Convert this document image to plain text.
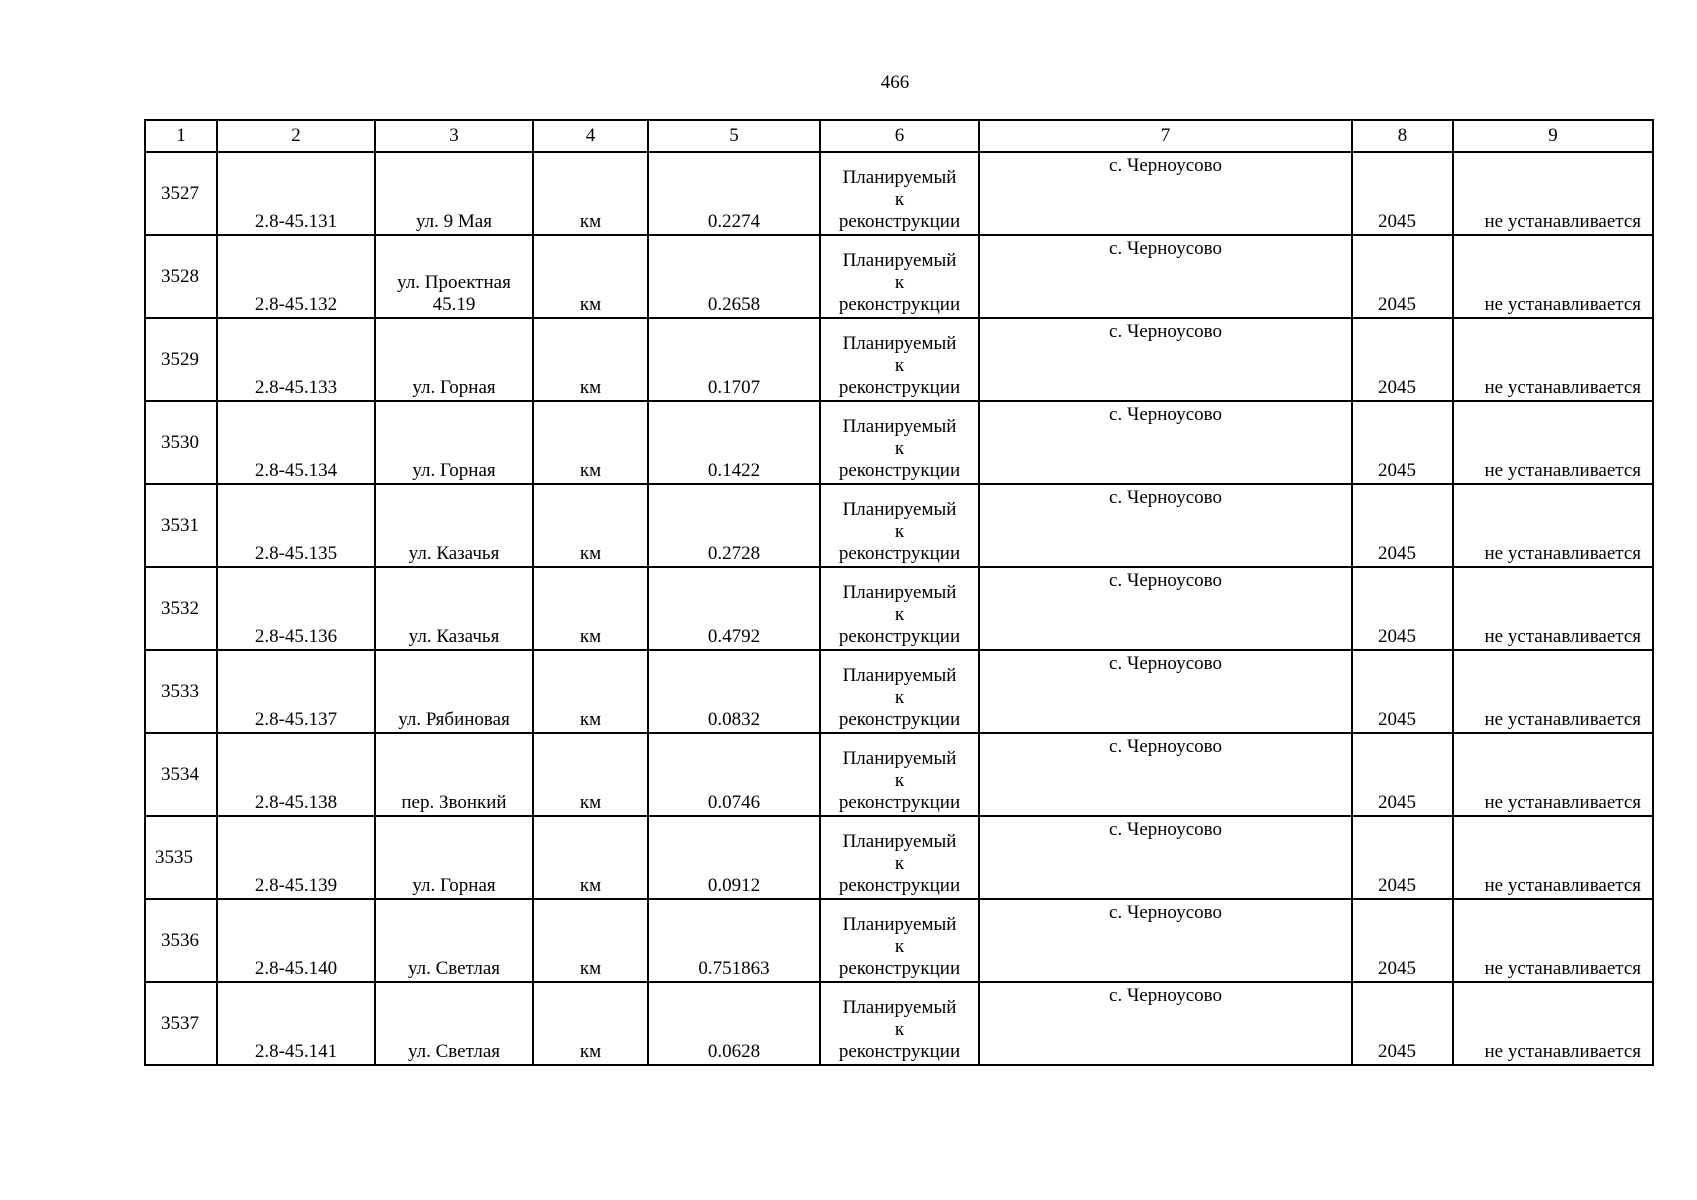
466
1	2	3	4	5	6	7	8	9
3527	2.8-45.131	ул. 9 Мая	км	0.2274	Планируемый
к
реконструкции	с. Черноусово	2045	не устанавливается
3528	2.8-45.132	ул. Проектная
45.19	км	0.2658	Планируемый
к
реконструкции	с. Черноусово	2045	не устанавливается
3529	2.8-45.133	ул. Горная	км	0.1707	Планируемый
к
реконструкции	с. Черноусово	2045	не устанавливается
3530	2.8-45.134	ул. Горная	км	0.1422	Планируемый
к
реконструкции	с. Черноусово	2045	не устанавливается
3531	2.8-45.135	ул. Казачья	км	0.2728	Планируемый
к
реконструкции	с. Черноусово	2045	не устанавливается
3532	2.8-45.136	ул. Казачья	км	0.4792	Планируемый
к
реконструкции	с. Черноусово	2045	не устанавливается
3533	2.8-45.137	ул. Рябиновая	км	0.0832	Планируемый
к
реконструкции	с. Черноусово	2045	не устанавливается
3534	2.8-45.138	пер. Звонкий	км	0.0746	Планируемый
к
реконструкции	с. Черноусово	2045	не устанавливается
3535	2.8-45.139	ул. Горная	км	0.0912	Планируемый
к
реконструкции	с. Черноусово	2045	не устанавливается
3536	2.8-45.140	ул. Светлая	км	0.751863	Планируемый
к
реконструкции	с. Черноусово	2045	не устанавливается
3537	2.8-45.141	ул. Светлая	км	0.0628	Планируемый
к
реконструкции	с. Черноусово	2045	не устанавливается
